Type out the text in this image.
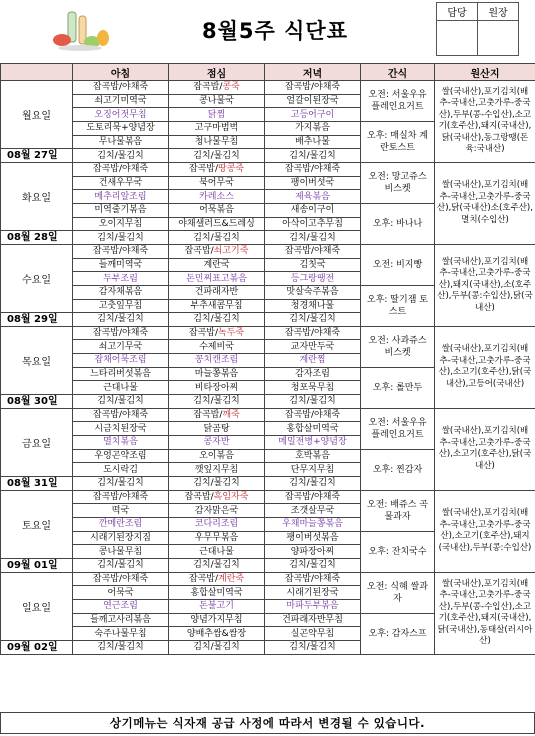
8월5주 식단표
담당	원장

	아침	점심	저녁	간식	원산지
월요일	잡곡밥/야채죽	잡곡밥/콩죽	잡곡밥/야채죽	오전: 서울우유 플레인요거트	쌀(국내산),포기김치(배추-국내산,고춧가루-중국산),두부(콩-수입산),소고기(호주산),돼지(국내산),닭(국내산),동그랑땡(돈육:국내산)
	쇠고기미역국	콩나물국	얼갈이된장국		
	오징어젓무침	닭찜	고등어구이		
	도토리묵+양념장	고구마범벅	가지볶음	오후: 매실차 계란토스트	
	무나물볶음	청나물무침	배추나물		
08월 27일	김치/물김치	김치/물김치	김치/물김치		
화요일	잡곡밥/야채죽	잡곡밥/땅콩죽	잡곡밥/야채죽	오전: 망고쥬스 비스켓	쌀(국내산),포기김치(배추-국내산,고춧가루-중국산),닭(국내산)소(호주산),멸치(수입산)
	건새우무국	북어무국	팽이버섯국		
	메추리알조림	카레소스	제육볶음		
	미역줄기볶음	어묵볶음	새송이구이	오후: 바나나	
	오이지무침	야채샐러드&드레싱	아삭이고추무침		
08월 28일	김치/물김치	김치/물김치	김치/물김치		
수요일	잡곡밥/야채죽	잡곡밥/쇠고기죽	잡곡밥/야채죽	오전: 비지빵	쌀(국내산),포기김치(배추-국내산,고춧가루-중국산),돼지(국내산),소(호주산),두부(콩:수입산),닭(국내산)
	들깨미역국	계란국	김칫국		
	두부조림	돈민찌표고볶음	등그랑땡전		
	감자채볶음	건파래자반	맛살숙주볶음	오후: 딸기잼 토스트	
	고춧잎무침	부추새콤무침	청경채나물		
08월 29일	김치/물김치	김치/물김치	김치/물김치		
목요일	잡곡밥/야채죽	잡곡밥/녹두죽	잡곡밥/야채죽	오전: 사과쥬스 비스켓	쌀(국내산),포기김치(배추-국내산,고춧가루-중국산),소고기(호주산),닭(국내산),고등어(국내산)
	쇠고기무국	수제비국	교자만두국		
	잡채어묵조림	꽁치캔조림	계란찜		
	느타리버섯볶음	마늘쫑볶음	감자조림	오후: 롤만두	
	근대나물	비타장아찌	청포묵무침		
08월 30일	김치/물김치	김치/물김치	김치/물김치		
금요일	잡곡밥/야채죽	잡곡밥/깨죽	잡곡밥/야채죽	오전: 서울우유 플레인요거트	쌀(국내산),포기김치(배추-국내산,고춧가루-중국산),소고기(호주산),닭(국내산)
	시금치된장국	닭곰탕	홍합살미역국		
	멸치볶음	콩자반	메밀전병+양념장		
	우엉곤약조림	오이볶음	호박볶음	오후: 찐감자	
	도시락김	깻잎지무침	단무지무침		
08월 31일	김치/물김치	김치/물김치	김치/물김치		
토요일	잡곡밥/야채죽	잡곡밥/흑임자죽	잡곡밥/야채죽	오전: 배쥬스 곡물과자	쌀(국내산),포기김치(배추-국내산,고춧가루-중국산),소고기(호주산),돼지(국내산),두부(콩:수입산)
	떡국	감자맑은국	조갯살무국		
	깐메란조림	코다리조림	우채마늘쫑볶음		
	시래기된장지짐	우무무볶음	팽이버섯볶음	오후: 잔치국수	
	콩나물무침	근대나물	양파장아찌		
09월 01일	김치/물김치	김치/물김치	김치/물김치		
일요일	잡곡밥/야채죽	잡곡밥/계란죽	잡곡밥/야채죽	오전: 식혜 쌀과자	쌀(국내산),포기김치(배추-국내산,고춧가루-중국산),두부(콩-수입산),소고기(호주산),돼지(국내산),닭(국내산),동태살(러시아산)
	어묵국	홍합살미역국	시래기된장국		
	연근조림	돈불고기	마파두부볶음		
	들깨고사리볶음	양념가지무침	건파래자반무침	오후: 감자스프	
	숙주나물무침	양배추쌈&쌈장	실곤약무침		
09월 02일	김치/물김치	김치/물김치	김치/물김치		
상기메뉴는 식자재 공급 사정에 따라서 변경될 수 있습니다.
